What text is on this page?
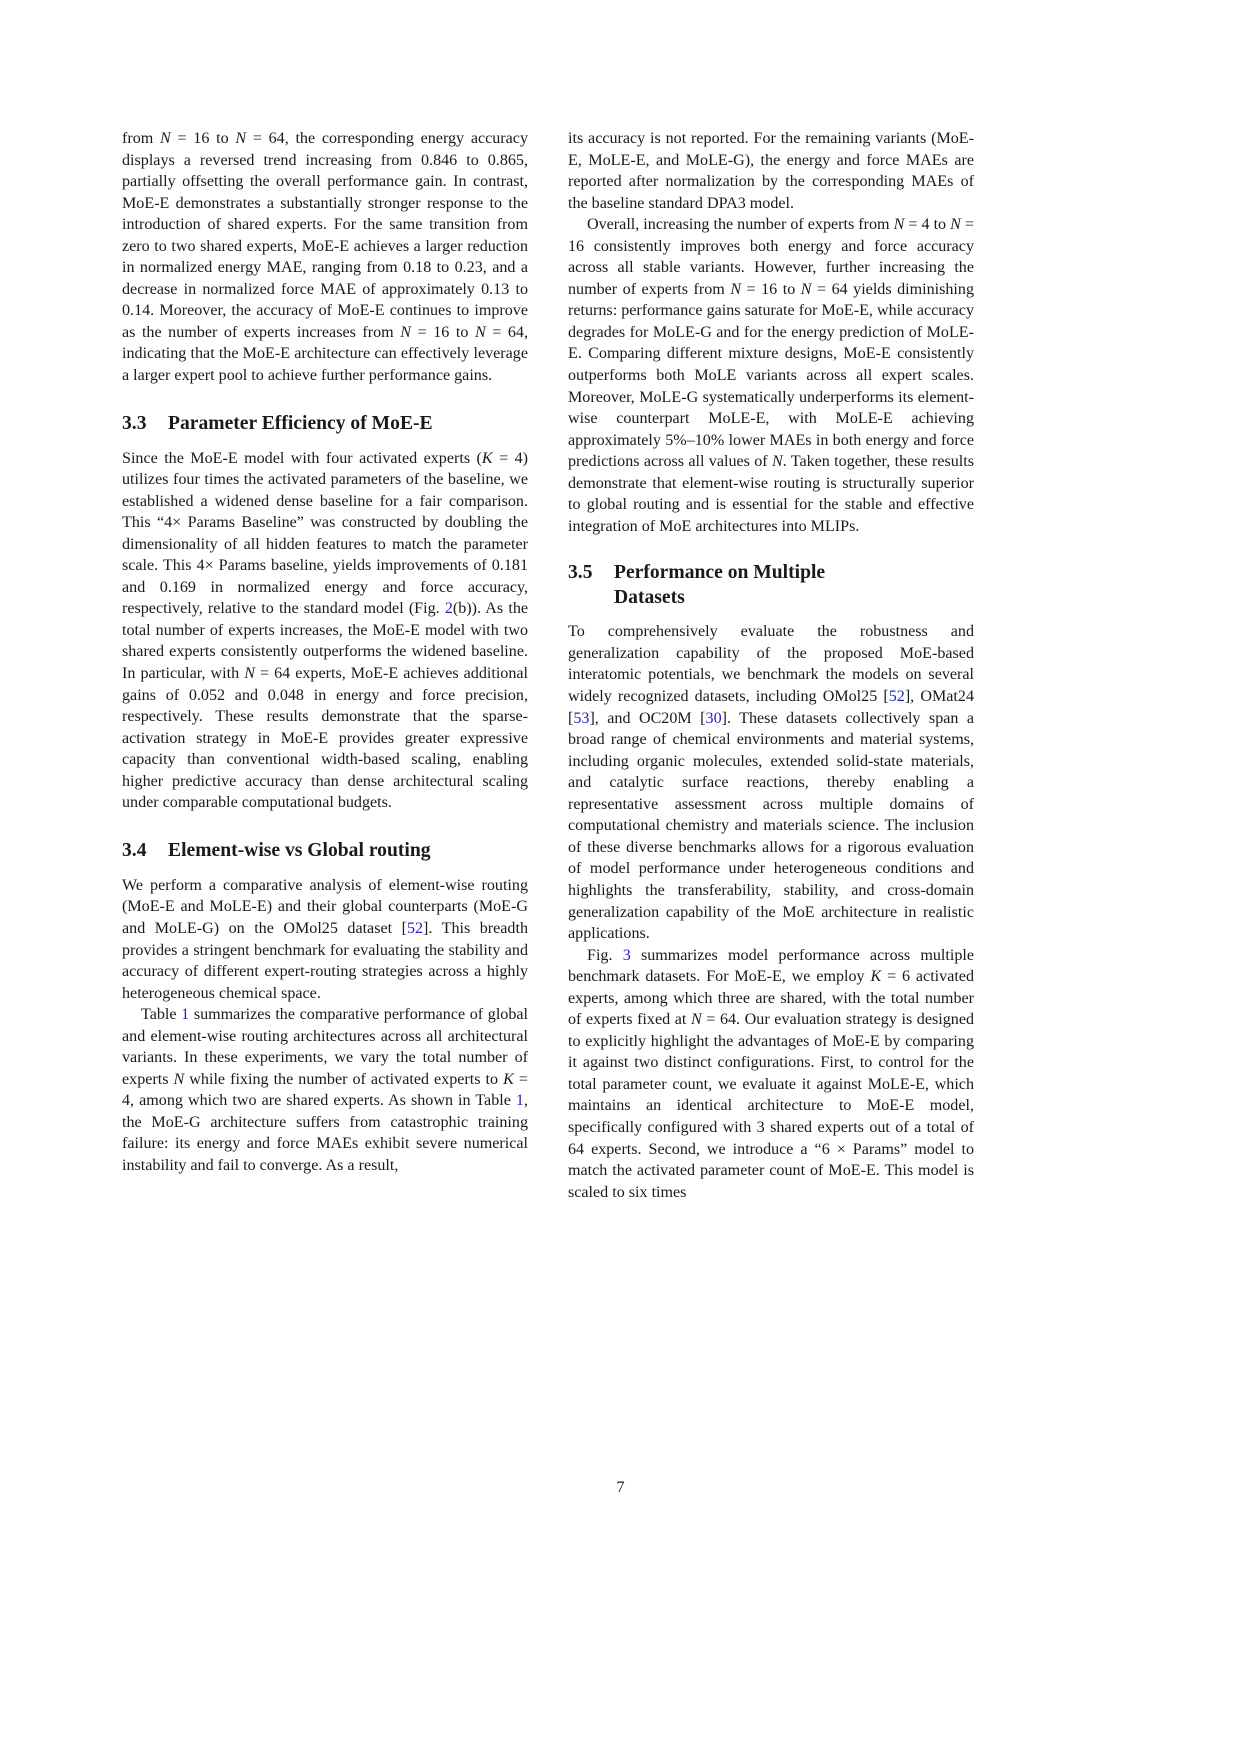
from N = 16 to N = 64, the corresponding energy accuracy displays a reversed trend increasing from 0.846 to 0.865, partially offsetting the overall performance gain. In contrast, MoE-E demonstrates a substantially stronger response to the introduction of shared experts. For the same transition from zero to two shared experts, MoE-E achieves a larger reduction in normalized energy MAE, ranging from 0.18 to 0.23, and a decrease in normalized force MAE of approximately 0.13 to 0.14. Moreover, the accuracy of MoE-E continues to improve as the number of experts increases from N = 16 to N = 64, indicating that the MoE-E architecture can effectively leverage a larger expert pool to achieve further performance gains.

3.3	Parameter Efficiency of MoE-E

Since the MoE-E model with four activated experts (K = 4) utilizes four times the activated parameters of the baseline, we established a widened dense baseline for a fair comparison. This “4× Params Baseline” was constructed by doubling the dimensionality of all hidden features to match the parameter scale. This 4× Params baseline, yields improvements of 0.181 and 0.169 in normalized energy and force accuracy, respectively, relative to the standard model (Fig. 2(b)). As the total number of experts increases, the MoE-E model with two shared experts consistently outperforms the widened baseline. In particular, with N = 64 experts, MoE-E achieves additional gains of 0.052 and 0.048 in energy and force precision, respectively. These results demonstrate that the sparse-activation strategy in MoE-E provides greater expressive capacity than conventional width-based scaling, enabling higher predictive accuracy than dense architectural scaling under comparable computational budgets.

3.4	Element-wise vs Global routing

We perform a comparative analysis of element-wise routing (MoE-E and MoLE-E) and their global counterparts (MoE-G and MoLE-G) on the OMol25 dataset [52]. This breadth provides a stringent benchmark for evaluating the stability and accuracy of different expert-routing strategies across a highly heterogeneous chemical space.

Table 1 summarizes the comparative performance of global and element-wise routing architectures across all architectural variants. In these experiments, we vary the total number of experts N while fixing the number of activated experts to K = 4, among which two are shared experts. As shown in Table 1, the MoE-G architecture suffers from catastrophic training failure: its energy and force MAEs exhibit severe numerical instability and fail to converge. As a result,

its accuracy is not reported. For the remaining variants (MoE-E, MoLE-E, and MoLE-G), the energy and force MAEs are reported after normalization by the corresponding MAEs of the baseline standard DPA3 model.

Overall, increasing the number of experts from N = 4 to N = 16 consistently improves both energy and force accuracy across all stable variants. However, further increasing the number of experts from N = 16 to N = 64 yields diminishing returns: performance gains saturate for MoE-E, while accuracy degrades for MoLE-G and for the energy prediction of MoLE-E. Comparing different mixture designs, MoE-E consistently outperforms both MoLE variants across all expert scales. Moreover, MoLE-G systematically underperforms its element-wise counterpart MoLE-E, with MoLE-E achieving approximately 5%–10% lower MAEs in both energy and force predictions across all values of N. Taken together, these results demonstrate that element-wise routing is structurally superior to global routing and is essential for the stable and effective integration of MoE architectures into MLIPs.

3.5	Performance on Multiple
Datasets

To comprehensively evaluate the robustness and generalization capability of the proposed MoE-based interatomic potentials, we benchmark the models on several widely recognized datasets, including OMol25 [52], OMat24 [53], and OC20M [30]. These datasets collectively span a broad range of chemical environments and material systems, including organic molecules, extended solid-state materials, and catalytic surface reactions, thereby enabling a representative assessment across multiple domains of computational chemistry and materials science. The inclusion of these diverse benchmarks allows for a rigorous evaluation of model performance under heterogeneous conditions and highlights the transferability, stability, and cross-domain generalization capability of the MoE architecture in realistic applications.

Fig. 3 summarizes model performance across multiple benchmark datasets. For MoE-E, we employ K = 6 activated experts, among which three are shared, with the total number of experts fixed at N = 64. Our evaluation strategy is designed to explicitly highlight the advantages of MoE-E by comparing it against two distinct configurations. First, to control for the total parameter count, we evaluate it against MoLE-E, which maintains an identical architecture to MoE-E model, specifically configured with 3 shared experts out of a total of 64 experts. Second, we introduce a “6 × Params” model to match the activated parameter count of MoE-E. This model is scaled to six times

7
